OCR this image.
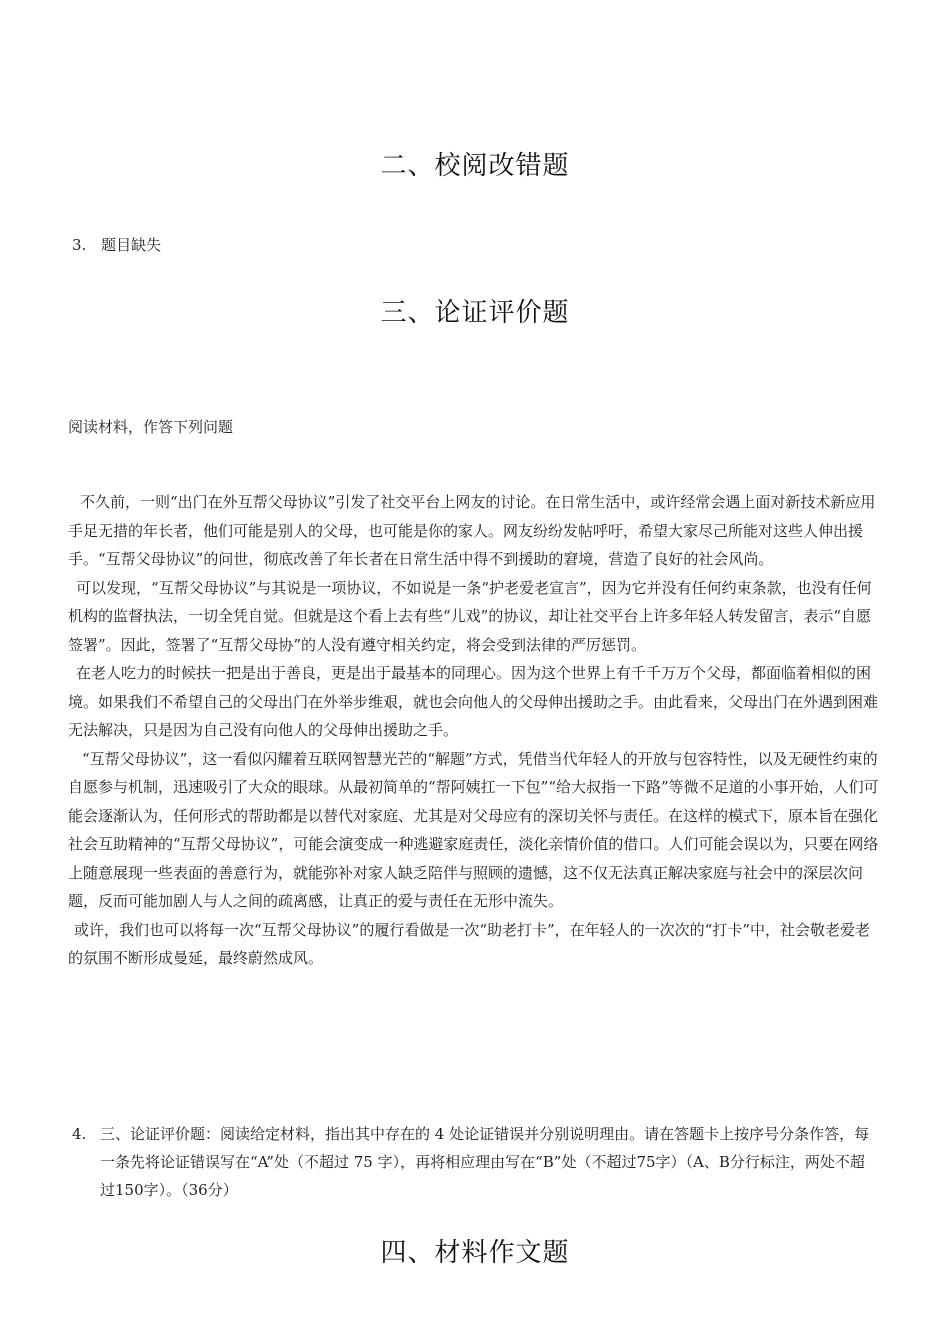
二、校阅改错题
3. 题目缺失
三、论证评价题
阅读材料，作答下列问题

不久前，一则“出门在外互帮父母协议”引发了社交平台上网友的讨论。在日常生活中，或许经常会遇上面对新技术新应用手足无措的年长者，他们可能是别人的父母，也可能是你的家人。网友纷纷发帖呼吁，希望大家尽己所能对这些人伸出援手。“互帮父母协议”的问世，彻底改善了年长者在日常生活中得不到援助的窘境，营造了良好的社会风尚。

可以发现，“互帮父母协议”与其说是一项协议，不如说是一条“护老爱老宣言”，因为它并没有任何约束条款，也没有任何机构的监督执法，一切全凭自觉。但就是这个看上去有些“儿戏”的协议，却让社交平台上许多年轻人转发留言，表示“自愿签署”。因此，签署了“互帮父母协”的人没有遵守相关约定，将会受到法律的严厉惩罚。

在老人吃力的时候扶一把是出于善良，更是出于最基本的同理心。因为这个世界上有千千万万个父母，都面临着相似的困境。如果我们不希望自己的父母出门在外举步维艰，就也会向他人的父母伸出援助之手。由此看来，父母出门在外遇到困难无法解决，只是因为自己没有向他人的父母伸出援助之手。

“互帮父母协议”，这一看似闪耀着互联网智慧光芒的“解题”方式，凭借当代年轻人的开放与包容特性，以及无硬性约束的自愿参与机制，迅速吸引了大众的眼球。从最初简单的“帮阿姨扛一下包”“给大叔指一下路”等微不足道的小事开始，人们可能会逐渐认为，任何形式的帮助都是以替代对家庭、尤其是对父母应有的深切关怀与责任。在这样的模式下，原本旨在强化社会互助精神的“互帮父母协议”，可能会演变成一种逃避家庭责任，淡化亲情价值的借口。人们可能会误以为，只要在网络上随意展现一些表面的善意行为，就能弥补对家人缺乏陪伴与照顾的遗憾，这不仅无法真正解决家庭与社会中的深层次问题，反而可能加剧人与人之间的疏离感，让真正的爱与责任在无形中流失。

或许，我们也可以将每一次“互帮父母协议”的履行看做是一次“助老打卡”，在年轻人的一次次的“打卡”中，社会敬老爱老的氛围不断形成曼延，最终蔚然成风。

4. 三、论证评价题：阅读给定材料，指出其中存在的 4 处论证错误并分别说明理由。请在答题卡上按序号分条作答，每一条先将论证错误写在“A”处（不超过 75 字），再将相应理由写在“B”处（不超过75字）（A、B分行标注，两处不超过150字）。（36分）
四、材料作文题
